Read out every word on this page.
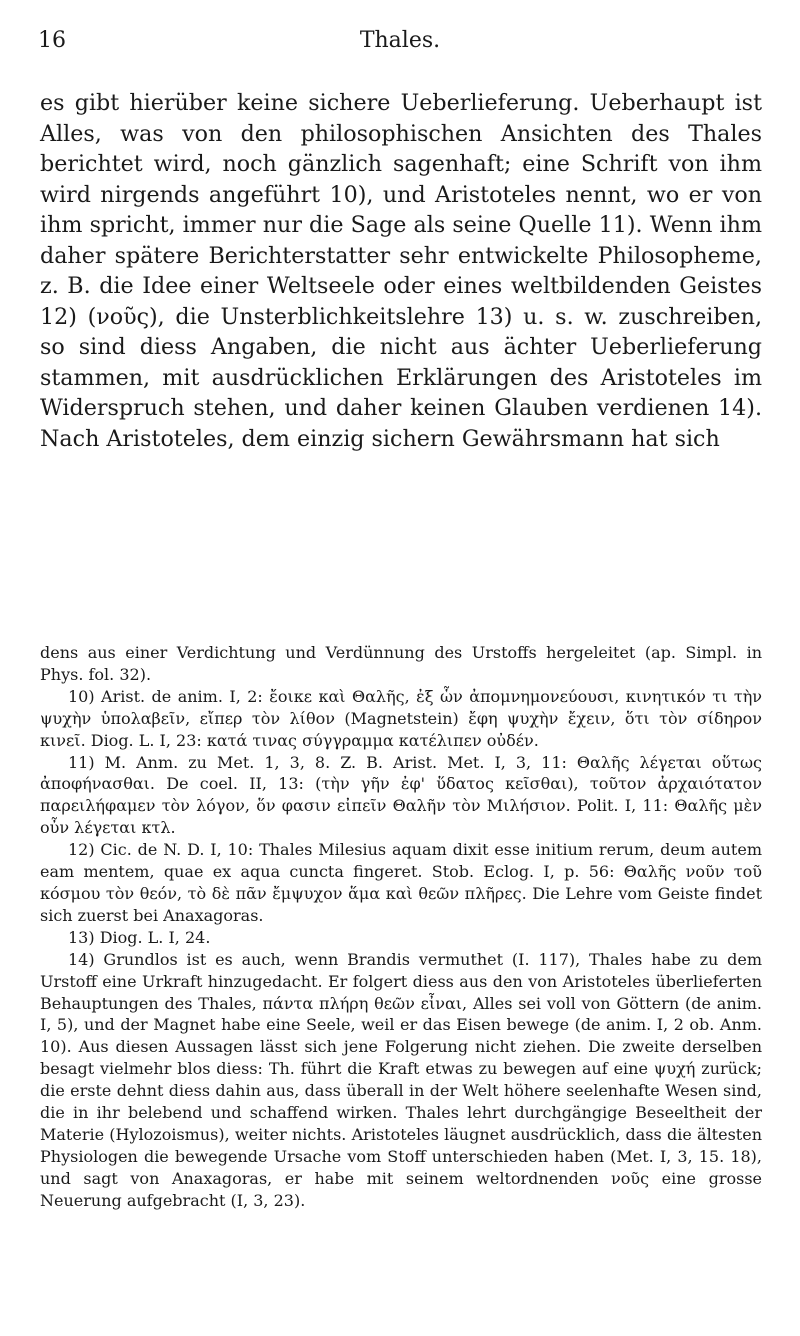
16	Thales.

es gibt hierüber keine sichere Ueberlieferung. Ueberhaupt ist Alles, was von den philosophischen Ansichten des Thales berichtet wird, noch gänzlich sagenhaft; eine Schrift von ihm wird nirgends angeführt 10), und Aristoteles nennt, wo er von ihm spricht, immer nur die Sage als seine Quelle 11). Wenn ihm daher spätere Berichterstatter sehr entwickelte Philosopheme, z. B. die Idee einer Weltseele oder eines weltbildenden Geistes 12) (νοῦς), die Unsterblichkeitslehre 13) u. s. w. zuschreiben, so sind diess Angaben, die nicht aus ächter Ueberlieferung stammen, mit ausdrücklichen Erklärungen des Aristoteles im Widerspruch stehen, und daher keinen Glauben verdienen 14). Nach Aristoteles, dem einzig sichern Gewährsmann hat sich

dens aus einer Verdichtung und Verdünnung des Urstoffs hergeleitet (ap. Simpl. in Phys. fol. 32).

10) Arist. de anim. I, 2: ἔοικε καὶ Θαλῆς, ἐξ ὧν ἀπομνημονεύουσι, κινητικόν τι τὴν ψυχὴν ὑπολαβεῖν, εἴπερ τὸν λίθον (Magnetstein) ἔφη ψυχὴν ἔχειν, ὅτι τὸν σίδηρον κινεῖ. Diog. L. I, 23: κατά τινας σύγγραμμα κατέλιπεν οὐδέν.

11) M. Anm. zu Met. 1, 3, 8. Z. B. Arist. Met. I, 3, 11: Θαλῆς λέγεται οὕτως ἀποφήνασθαι. De coel. II, 13: (τὴν γῆν ἐφ' ὕδατος κεῖσθαι), τοῦτον ἀρχαιότατον παρειλήφαμεν τὸν λόγον, ὅν φασιν εἰπεῖν Θαλῆν τὸν Μιλήσιον. Polit. I, 11: Θαλῆς μὲν οὖν λέγεται κτλ.

12) Cic. de N. D. I, 10: Thales Milesius aquam dixit esse initium rerum, deum autem eam mentem, quae ex aqua cuncta fingeret. Stob. Eclog. I, p. 56: Θαλῆς νοῦν τοῦ κόσμου τὸν θεόν, τὸ δὲ πᾶν ἔμψυχον ἅμα καὶ θεῶν πλῆρες. Die Lehre vom Geiste findet sich zuerst bei Anaxagoras.

13) Diog. L. I, 24.

14) Grundlos ist es auch, wenn Brandis vermuthet (I. 117), Thales habe zu dem Urstoff eine Urkraft hinzugedacht. Er folgert diess aus den von Aristoteles überlieferten Behauptungen des Thales, πάντα πλήρη θεῶν εἶναι, Alles sei voll von Göttern (de anim. I, 5), und der Magnet habe eine Seele, weil er das Eisen bewege (de anim. I, 2 ob. Anm. 10). Aus diesen Aussagen lässt sich jene Folgerung nicht ziehen. Die zweite derselben besagt vielmehr blos diess: Th. führt die Kraft etwas zu bewegen auf eine ψυχή zurück; die erste dehnt diess dahin aus, dass überall in der Welt höhere seelenhafte Wesen sind, die in ihr belebend und schaffend wirken. Thales lehrt durchgängige Beseeltheit der Materie (Hylozoismus), weiter nichts. Aristoteles läugnet ausdrücklich, dass die ältesten Physiologen die bewegende Ursache vom Stoff unterschieden haben (Met. I, 3, 15. 18), und sagt von Anaxagoras, er habe mit seinem weltordnenden νοῦς eine grosse Neuerung aufgebracht (I, 3, 23).
